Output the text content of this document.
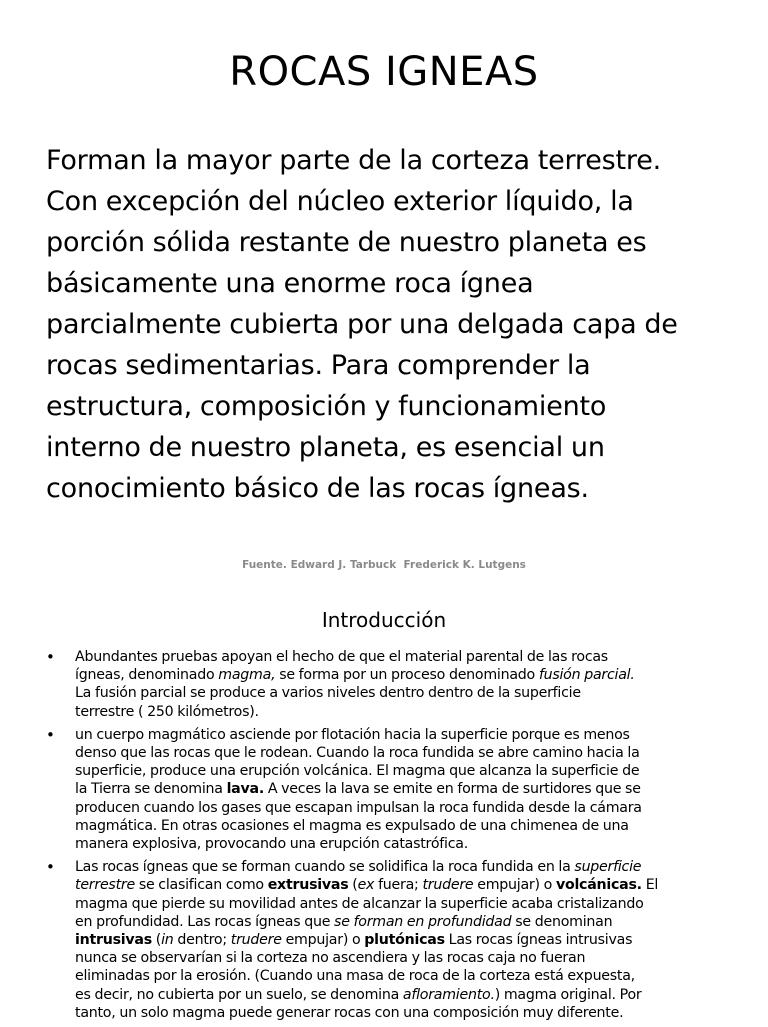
ROCAS IGNEAS
Forman la mayor parte de la corteza terrestre.
Con excepción del núcleo exterior líquido, la
porción sólida restante de nuestro planeta es
básicamente una enorme roca ígnea
parcialmente cubierta por una delgada capa de
rocas sedimentarias. Para comprender la
estructura, composición y funcionamiento
interno de nuestro planeta, es esencial un
conocimiento básico de las rocas ígneas.
Fuente. Edward J. Tarbuck  Frederick K. Lutgens
Introducción
• Abundantes pruebas apoyan el hecho de que el material parental de las rocas
ígneas, denominado magma, se forma por un proceso denominado fusión parcial.
La fusión parcial se produce a varios niveles dentro dentro de la superficie
terrestre ( 250 kilómetros).
• un cuerpo magmático asciende por flotación hacia la superficie porque es menos
denso que las rocas que le rodean. Cuando la roca fundida se abre camino hacia la
superficie, produce una erupción volcánica. El magma que alcanza la superficie de
la Tierra se denomina lava. A veces la lava se emite en forma de surtidores que se
producen cuando los gases que escapan impulsan la roca fundida desde la cámara
magmática. En otras ocasiones el magma es expulsado de una chimenea de una
manera explosiva, provocando una erupción catastrófica.
• Las rocas ígneas que se forman cuando se solidifica la roca fundida en la superficie
terrestre se clasifican como extrusivas (ex fuera; trudere empujar) o volcánicas. El
magma que pierde su movilidad antes de alcanzar la superficie acaba cristalizando
en profundidad. Las rocas ígneas que se forman en profundidad se denominan
intrusivas (in dentro; trudere empujar) o plutónicas Las rocas ígneas intrusivas
nunca se observarían si la corteza no ascendiera y las rocas caja no fueran
eliminadas por la erosión. (Cuando una masa de roca de la corteza está expuesta,
es decir, no cubierta por un suelo, se denomina afloramiento.) magma original. Por
tanto, un solo magma puede generar rocas con una composición muy diferente.
